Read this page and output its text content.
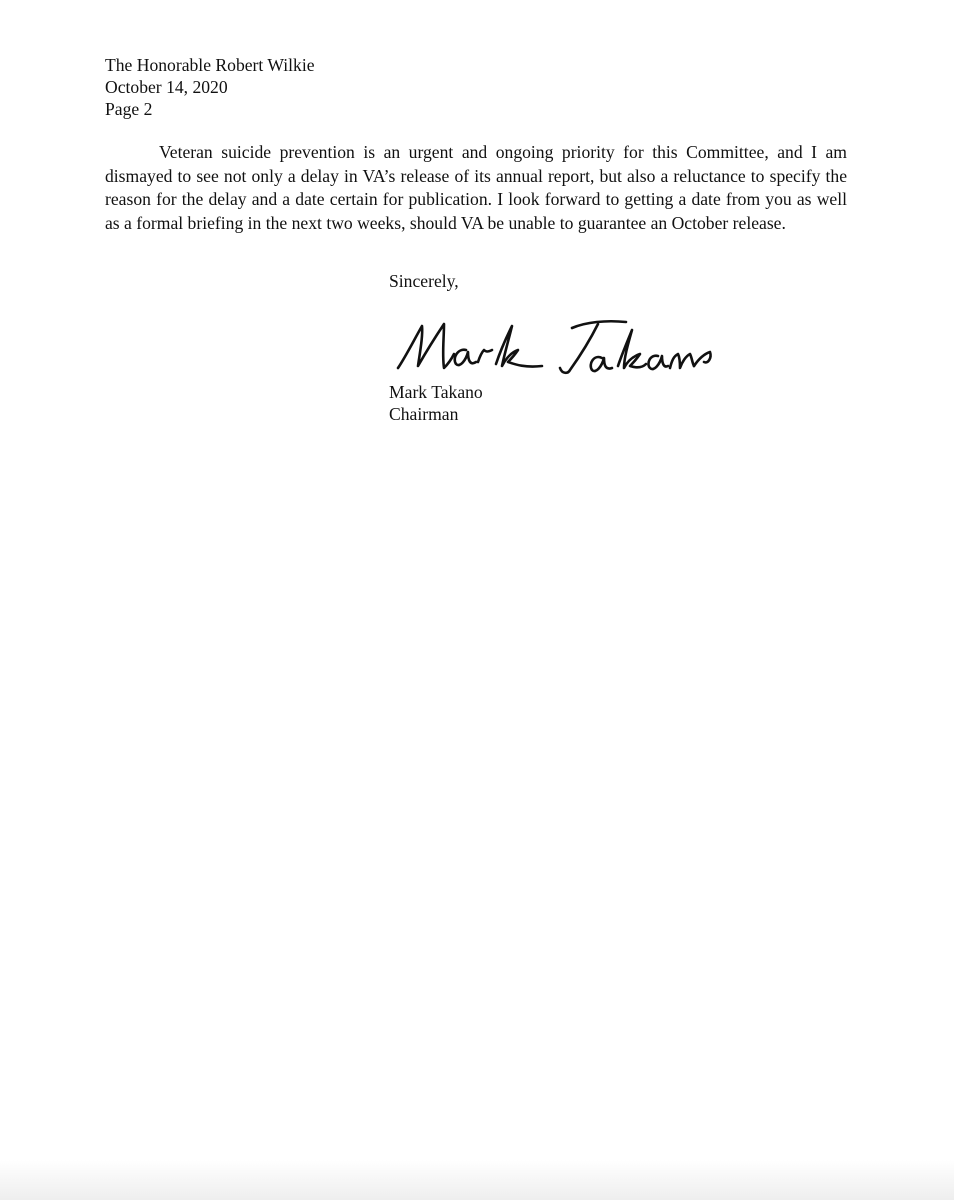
The Honorable Robert Wilkie
October 14, 2020
Page 2

Veteran suicide prevention is an urgent and ongoing priority for this Committee, and I am dismayed to see not only a delay in VA’s release of its annual report, but also a reluctance to specify the reason for the delay and a date certain for publication. I look forward to getting a date from you as well as a formal briefing in the next two weeks, should VA be unable to guarantee an October release.

Sincerely,
Mark Takano
Chairman
